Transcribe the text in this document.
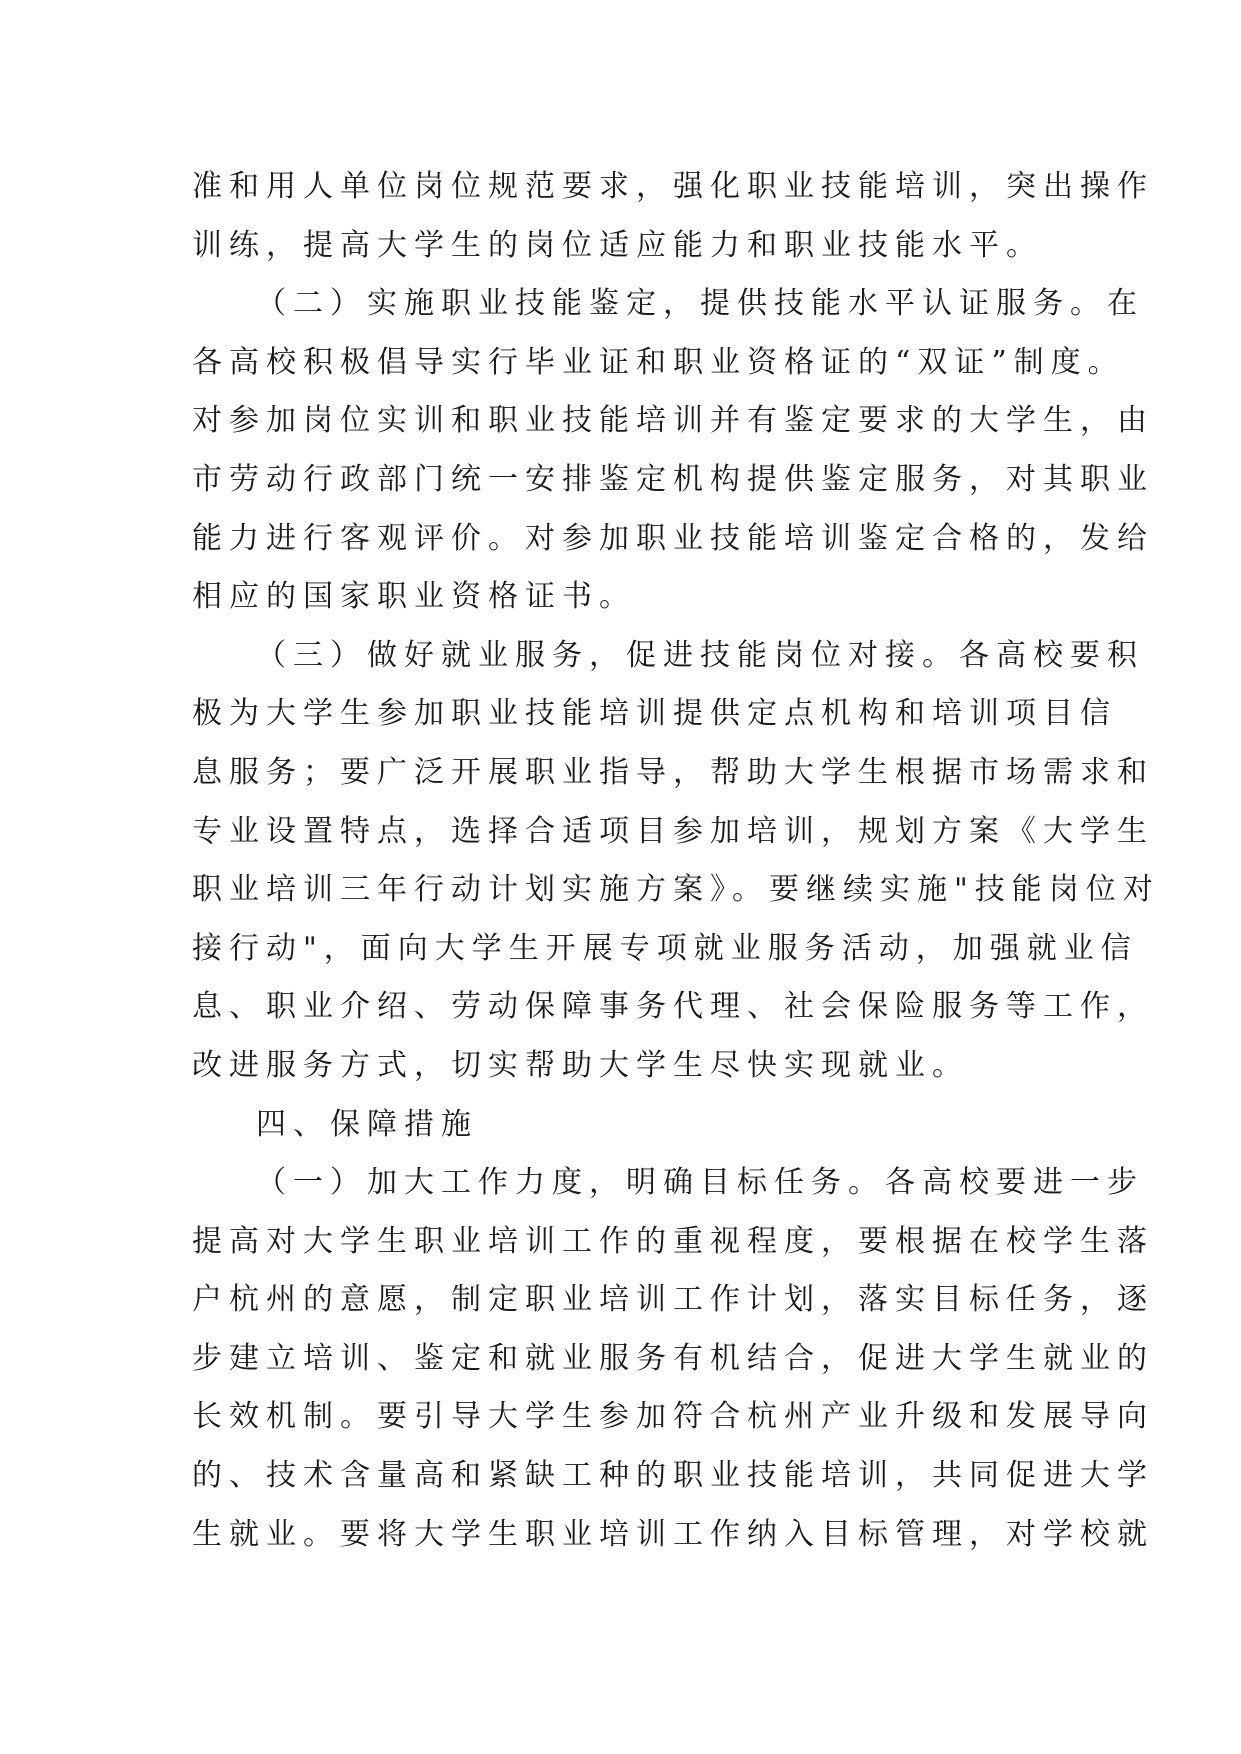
准和用人单位岗位规范要求，强化职业技能培训，突出操作
训练，提高大学生的岗位适应能力和职业技能水平。
（二）实施职业技能鉴定，提供技能水平认证服务。在
各高校积极倡导实行毕业证和职业资格证的“双证”制度。
对参加岗位实训和职业技能培训并有鉴定要求的大学生，由
市劳动行政部门统一安排鉴定机构提供鉴定服务，对其职业
能力进行客观评价。对参加职业技能培训鉴定合格的，发给
相应的国家职业资格证书。
（三）做好就业服务，促进技能岗位对接。各高校要积
极为大学生参加职业技能培训提供定点机构和培训项目信
息服务；要广泛开展职业指导，帮助大学生根据市场需求和
专业设置特点，选择合适项目参加培训，规划方案《大学生
职业培训三年行动计划实施方案》。要继续实施"技能岗位对
接行动"，面向大学生开展专项就业服务活动，加强就业信
息、职业介绍、劳动保障事务代理、社会保险服务等工作，
改进服务方式，切实帮助大学生尽快实现就业。
四、保障措施
（一）加大工作力度，明确目标任务。各高校要进一步
提高对大学生职业培训工作的重视程度，要根据在校学生落
户杭州的意愿，制定职业培训工作计划，落实目标任务，逐
步建立培训、鉴定和就业服务有机结合，促进大学生就业的
长效机制。要引导大学生参加符合杭州产业升级和发展导向
的、技术含量高和紧缺工种的职业技能培训，共同促进大学
生就业。要将大学生职业培训工作纳入目标管理，对学校就
